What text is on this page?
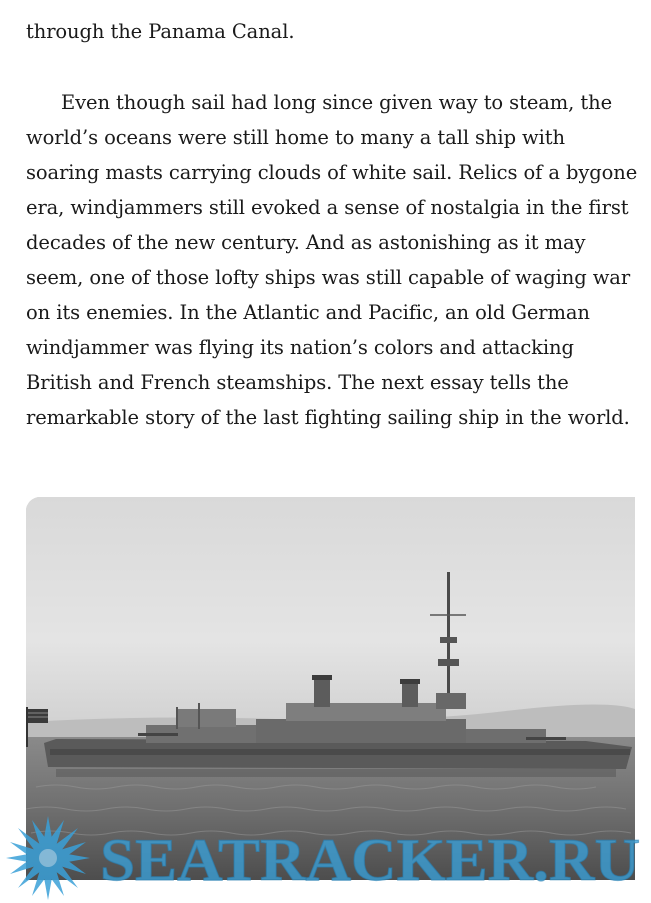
through the Panama Canal.
Even though sail had long since given way to steam, the world’s oceans were still home to many a tall ship with soaring masts carrying clouds of white sail. Relics of a bygone era, windjammers still evoked a sense of nostalgia in the first decades of the new century. And as astonishing as it may seem, one of those lofty ships was still capable of waging war on its enemies. In the Atlantic and Pacific, an old German windjammer was flying its nation’s colors and attacking British and French steamships. The next essay tells the remarkable story of the last fighting sailing ship in the world.
SEATRACKER.RU
